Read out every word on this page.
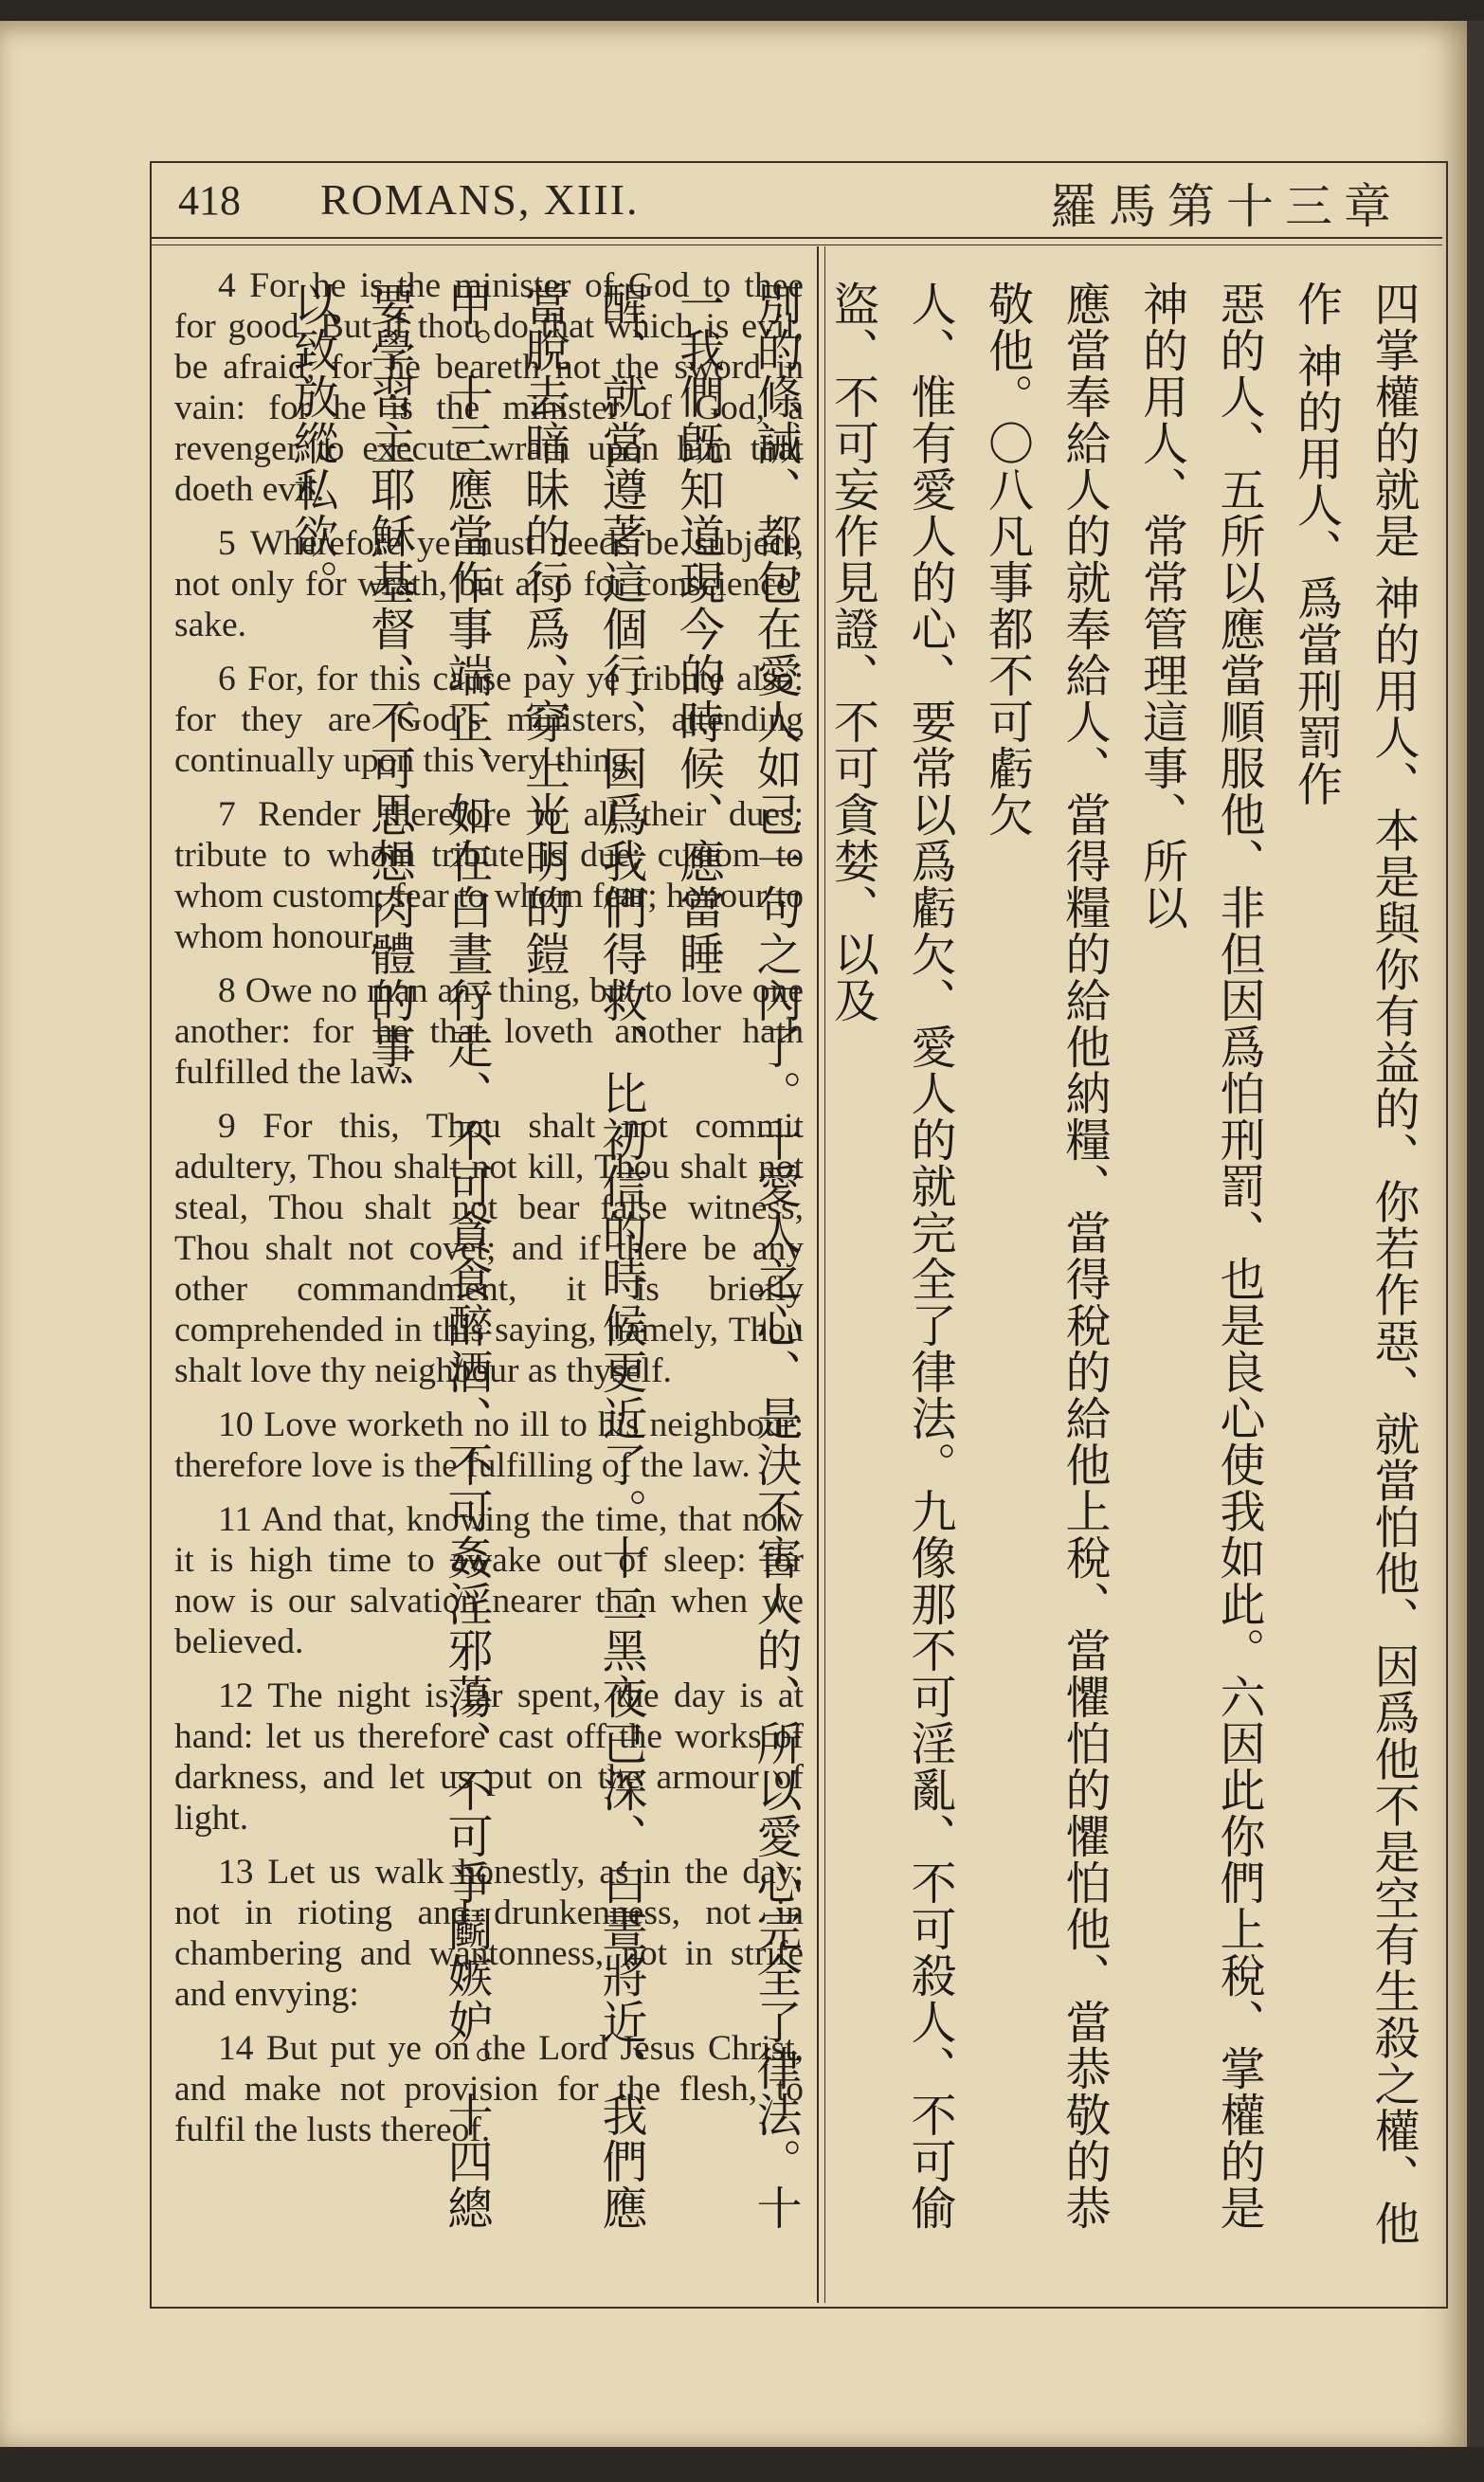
418 ROMANS, XIII.	羅馬第十三章

4 For he is the minister of God to thee for good. But if thou do that which is evil, be afraid; for he beareth not the sword in vain: for he is the minister of God, a revenger to execute wrath upon him that doeth evil.

5 Wherefore ye must needs be subject, not only for wrath, but also for conscience’ sake.

6 For, for this cause pay ye tribute also: for they are God’s ministers, attending continually upon this very thing.

7 Render therefore to all their dues: tribute to whom tribute is due; custom to whom custom; fear to whom fear; honour to whom honour.

8 Owe no man any thing, but to love one another: for he that loveth another hath fulfilled the law.

9 For this, Thou shalt not commit adultery, Thou shalt not kill, Thou shalt not steal, Thou shalt not bear false witness, Thou shalt not covet; and if there be any other commandment, it is briefly comprehended in this saying, namely, Thou shalt love thy neighbour as thyself.

10 Love worketh no ill to his neighbour: therefore love is the fulfilling of the law.

11 And that, knowing the time, that now it is high time to awake out of sleep: for now is our salvation nearer than when we believed.

12 The night is far spent, the day is at hand: let us therefore cast off the works of darkness, and let us put on the armour of light.

13 Let us walk honestly, as in the day; not in rioting and drunkenness, not in chambering and wantonness, not in strife and envying:

14 But put ye on the Lord Jesus Christ, and make not provision for the flesh, to fulfil the lusts thereof.	四掌權的就是 神的用人、本是與你有益的、你若作惡、就當怕他、因爲他不是空有生殺之權、他作 神的用人、爲當刑罰作

惡的人、五所以應當順服他、非但因爲怕刑罰、也是良心使我如此。六因此你們上稅、掌權的是 神的用人、常常管理這事、所以

應當奉給人的就奉給人、當得糧的給他納糧、當得稅的給他上稅、當懼怕的懼怕他、當恭敬的恭敬他。〇八凡事都不可虧欠

人、惟有愛人的心、要常以爲虧欠、愛人的就完全了律法。九像那不可淫亂、不可殺人、不可偷盜、不可妄作見證、不可貪婪、以及

別的條誡、都包在愛人如己一句之內了。十愛人之心、是決不害人的、所以愛心完全了律法。十一我們旣知道現今的時候、應當睡

醒、就當遵著這個行、因爲我們得救、比初信的時候更近了。十二黑夜已深、白晝將近、我們應當脫去暗昧的行爲、穿上光明的鎧

甲。十三應當作事端正、如在白晝行走、不可貪食醉酒、不可姦淫邪蕩、不可爭鬬嫉妒。十四總要學習主耶穌基督、不可思想肉體的事、

以致放縱私欲。
